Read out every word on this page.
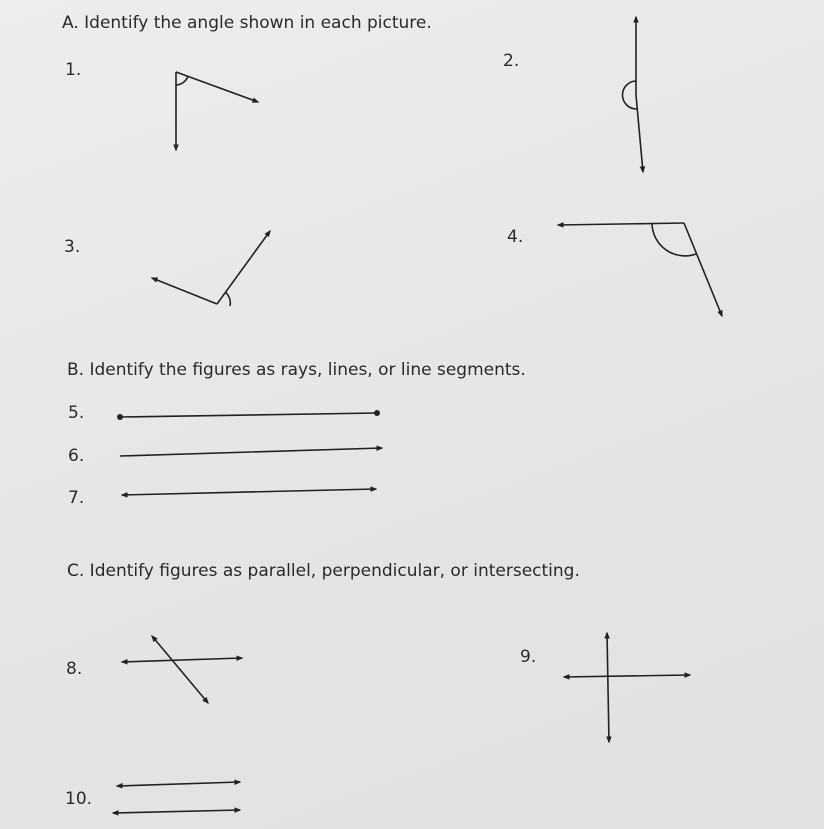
A. Identify the angle shown in each picture.
1.	2.
3.	4.
B. Identify the figures as rays, lines, or line segments.
5.
6.
7.
C. Identify figures as parallel, perpendicular, or intersecting.
8.
9.
10.
